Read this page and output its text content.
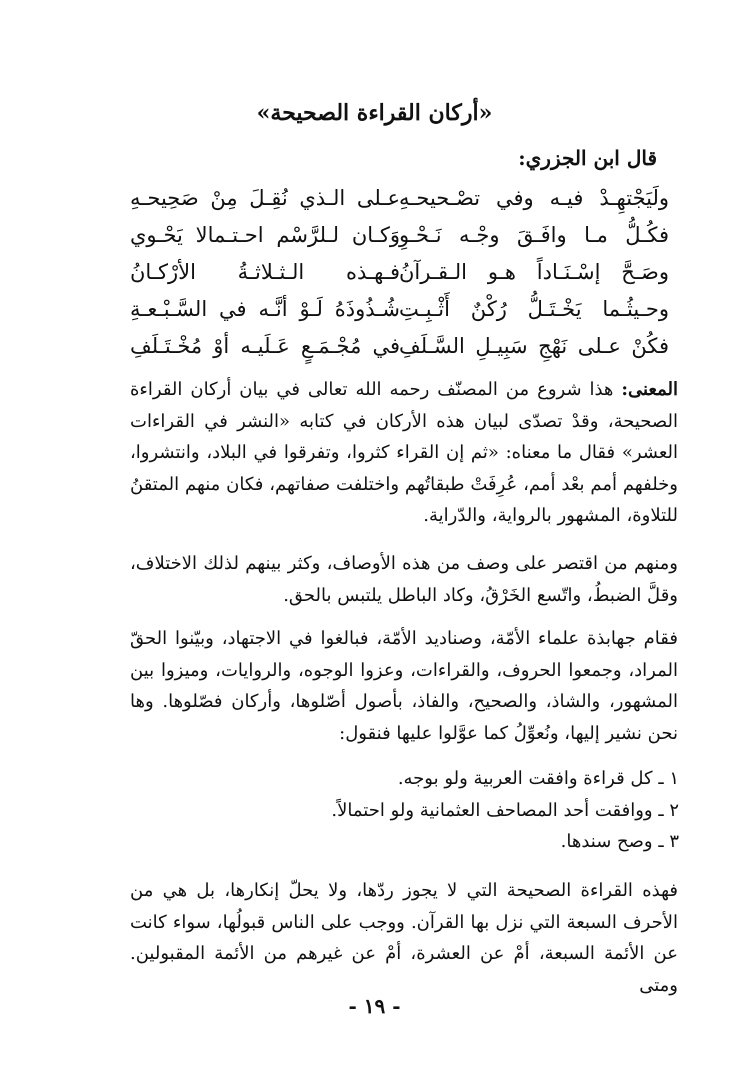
«أركان القراءة الصحيحة»
قال ابن الجزري:
ولَيَجْتهِـدْ فيـه وفي تصْـحيحـهِ
عـلى الـذي نُقِـلَ مِنْ صَحِيحـهِ
فكُـلُّ مـا وافَـقَ وجْـه نَـحْـوِ
وَكـان لـلرَّسْم احـتـمالا يَحْـوي
وصَـحَّ إسْـنَـاداً هـو الـقـرآنُ
فـهـذه الـثـلاثـةُ الأرْكـانُ
وحـيثُـما يَخْـتَـلُّ رُكْنٌ أَثْـبِـتِ
شُـذُوذَهُ لَـوْ أنَّـه في السَّـبْـعـةِ
فكُنْ عـلى نَهْجِ سَبِيـلِ السَّـلَفِ
في مُجْـمَـعٍ عَـلَيـه أوْ مُخْـتَـلَفِ
المعنى: هذا شروع من المصنّف رحمه الله تعالى في بيان أركان القراءة الصحيحة، وقدْ تصدّى لبيان هذه الأركان في كتابه «النشر في القراءات العشر» فقال ما معناه: «ثم إن القراء كثروا، وتفرقوا في البلاد، وانتشروا، وخلفهم أمم بعْد أمم، عُرِفَتْ طبقاتُهم واختلفت صفاتهم، فكان منهم المتقنُ للتلاوة، المشهور بالرواية، والدّراية.
ومنهم من اقتصر على وصف من هذه الأوصاف، وكثر بينهم لذلك الاختلاف، وقلَّ الضبطُ، واتّسع الخَرْقُ، وكاد الباطل يلتبس بالحق.
فقام جهابذة علماء الأمّة، وصناديد الأمّة، فبالغوا في الاجتهاد، وبيّنوا الحقّ المراد، وجمعوا الحروف، والقراءات، وعزوا الوجوه، والروايات، وميزوا بين المشهور، والشاذ، والصحيح، والفاذ، بأصول أصّلوها، وأركان فصّلوها. وها نحن نشير إليها، ونُعوِّلُ كما عوَّلوا عليها فنقول:
١ ـ كل قراءة وافقت العربية ولو بوجه.
٢ ـ ووافقت أحد المصاحف العثمانية ولو احتمالاً.
٣ ـ وصح سندها.
فهذه القراءة الصحيحة التي لا يجوز ردّها، ولا يحلّ إنكارها، بل هي من الأحرف السبعة التي نزل بها القرآن. ووجب على الناس قبولُها، سواء كانت عن الأئمة السبعة، أمْ عن العشرة، أمْ عن غيرهم من الأئمة المقبولين. ومتى
- ١٩ -
